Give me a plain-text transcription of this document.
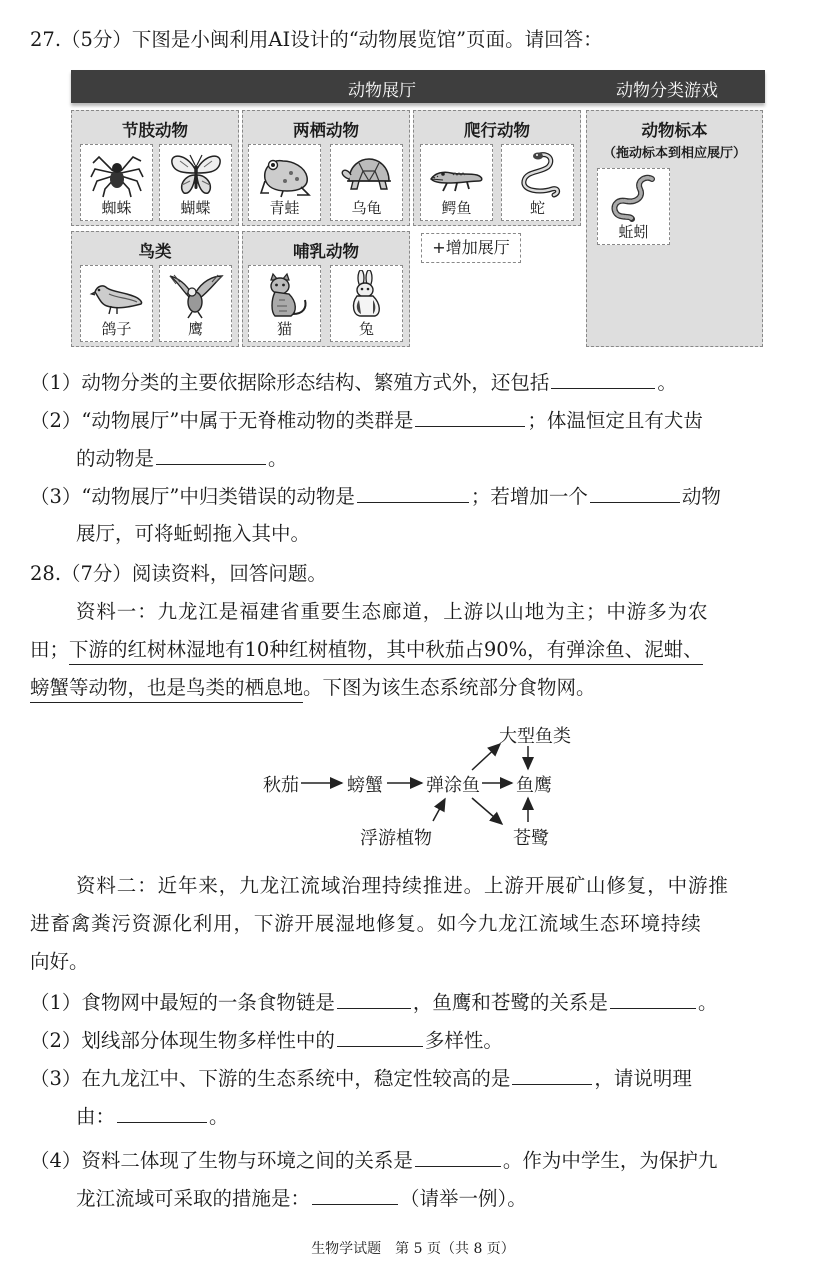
27.（5分）下图是小闽利用AI设计的“动物展览馆”页面。请回答：
动物展厅	动物分类游戏
节肢动物
蜘蛛	蝴蝶
两栖动物
青蛙	乌龟
爬行动物
鳄鱼	蛇
鸟类
鸽子	鹰
哺乳动物
猫	兔
+增加展厅
动物标本
（拖动标本到相应展厅）
蚯蚓
（1）动物分类的主要依据除形态结构、繁殖方式外，还包括	。
（2）“动物展厅”中属于无脊椎动物的类群是	；体温恒定且有犬齿
的动物是	。
（3）“动物展厅”中归类错误的动物是	；若增加一个	动物
展厅，可将蚯蚓拖入其中。
28.（7分）阅读资料，回答问题。
资料一：九龙江是福建省重要生态廊道，上游以山地为主；中游多为农
田；下游的红树林湿地有10种红树植物，其中秋茄占90%，有弹涂鱼、泥蚶、
螃蟹等动物，也是鸟类的栖息地。下图为该生态系统部分食物网。
秋茄	螃蟹 弹涂鱼 鱼鹰
大型鱼类
浮游植物	苍鹭
资料二：近年来，九龙江流域治理持续推进。上游开展矿山修复，中游推
进畜禽粪污资源化利用，下游开展湿地修复。如今九龙江流域生态环境持续
向好。
（1）食物网中最短的一条食物链是	，鱼鹰和苍鹭的关系是	。
（2）划线部分体现生物多样性中的	多样性。
（3）在九龙江中、下游的生态系统中，稳定性较高的是	，请说明理
由：	。
（4）资料二体现了生物与环境之间的关系是	。作为中学生，为保护九
龙江流域可采取的措施是：	（请举一例）。
生物学试题　第 5 页（共 8 页）
